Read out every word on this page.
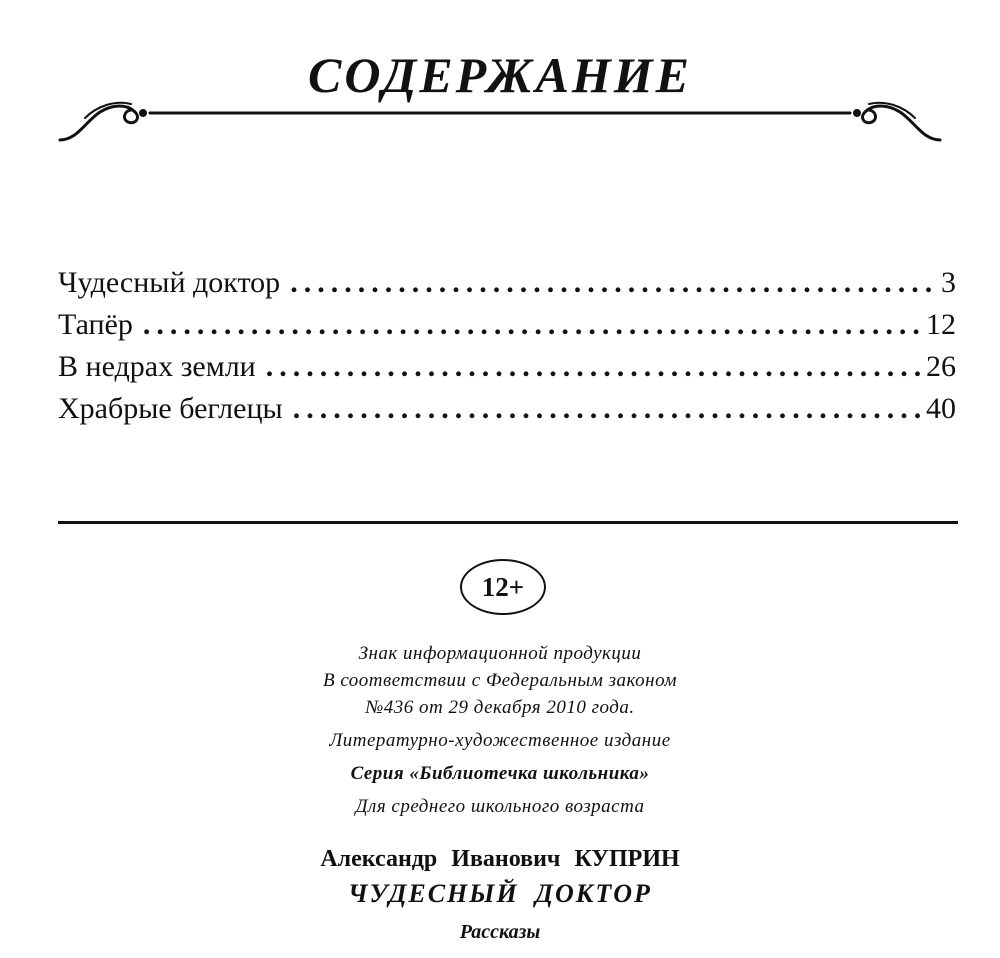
СОДЕРЖАНИЕ
Чудесный доктор .....	3
Тапёр .....	12
В недрах земли .....	26
Храбрые беглецы .....	40
12+
Знак информационной продукции
В соответствии с Федеральным законом
№436 от 29 декабря 2010 года.
Литературно-художественное издание
Серия «Библиотечка школьника»
Для среднего школьного возраста
Александр Иванович КУПРИН
ЧУДЕСНЫЙ ДОКТОР
Рассказы
